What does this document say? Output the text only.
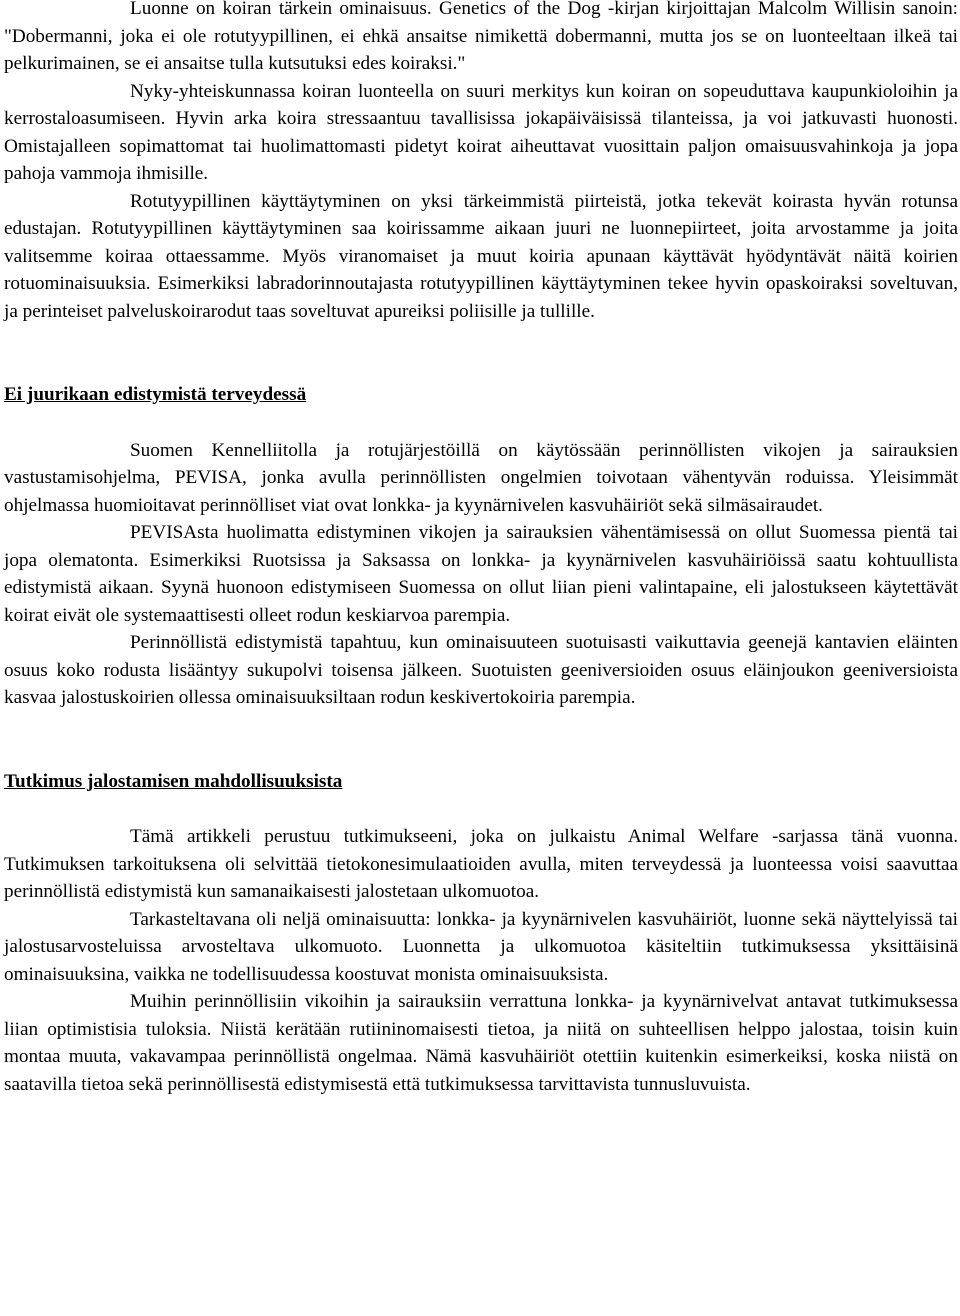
Luonne on koiran tärkein ominaisuus. Genetics of the Dog -kirjan kirjoittajan Malcolm Willisin sanoin: "Dobermanni, joka ei ole rotutyypillinen, ei ehkä ansaitse nimikettä dobermanni, mutta jos se on luonteeltaan ilkeä tai pelkurimainen, se ei ansaitse tulla kutsutuksi edes koiraksi."

Nyky-yhteiskunnassa koiran luonteella on suuri merkitys kun koiran on sopeuduttava kaupunkioloihin ja kerrostaloasumiseen. Hyvin arka koira stressaantuu tavallisissa jokapäiväisissä tilanteissa, ja voi jatkuvasti huonosti. Omistajalleen sopimattomat tai huolimattomasti pidetyt koirat aiheuttavat vuosittain paljon omaisuusvahinkoja ja jopa pahoja vammoja ihmisille.

Rotutyypillinen käyttäytyminen on yksi tärkeimmistä piirteistä, jotka tekevät koirasta hyvän rotunsa edustajan. Rotutyypillinen käyttäytyminen saa koirissamme aikaan juuri ne luonnepiirteet, joita arvostamme ja joita valitsemme koiraa ottaessamme. Myös viranomaiset ja muut koiria apunaan käyttävät hyödyntävät näitä koirien rotuominaisuuksia. Esimerkiksi labradorinnoutajasta rotutyypillinen käyttäytyminen tekee hyvin opaskoiraksi soveltuvan, ja perinteiset palveluskoirarodut taas soveltuvat apureiksi poliisille ja tullille.

Ei juurikaan edistymistä terveydessä

Suomen Kennelliitolla ja rotujärjestöillä on käytössään perinnöllisten vikojen ja sairauksien vastustamisohjelma, PEVISA, jonka avulla perinnöllisten ongelmien toivotaan vähentyvän roduissa. Yleisimmät ohjelmassa huomioitavat perinnölliset viat ovat lonkka- ja kyynärnivelen kasvuhäiriöt sekä silmäsairaudet.

PEVISAsta huolimatta edistyminen vikojen ja sairauksien vähentämisessä on ollut Suomessa pientä tai jopa olematonta. Esimerkiksi Ruotsissa ja Saksassa on lonkka- ja kyynärnivelen kasvuhäiriöissä saatu kohtuullista edistymistä aikaan. Syynä huonoon edistymiseen Suomessa on ollut liian pieni valintapaine, eli jalostukseen käytettävät koirat eivät ole systemaattisesti olleet rodun keskiarvoa parempia.

Perinnöllistä edistymistä tapahtuu, kun ominaisuuteen suotuisasti vaikuttavia geenejä kantavien eläinten osuus koko rodusta lisääntyy sukupolvi toisensa jälkeen. Suotuisten geeniversioiden osuus eläinjoukon geeniversioista kasvaa jalostuskoirien ollessa ominaisuuksiltaan rodun keskivertokoiria parempia.

Tutkimus jalostamisen mahdollisuuksista

Tämä artikkeli perustuu tutkimukseeni, joka on julkaistu Animal Welfare -sarjassa tänä vuonna. Tutkimuksen tarkoituksena oli selvittää tietokonesimulaatioiden avulla, miten terveydessä ja luonteessa voisi saavuttaa perinnöllistä edistymistä kun samanaikaisesti jalostetaan ulkomuotoa.

Tarkasteltavana oli neljä ominaisuutta: lonkka- ja kyynärnivelen kasvuhäiriöt, luonne sekä näyttelyissä tai jalostusarvosteluissa arvosteltava ulkomuoto. Luonnetta ja ulkomuotoa käsiteltiin tutkimuksessa yksittäisinä ominaisuuksina, vaikka ne todellisuudessa koostuvat monista ominaisuuksista.

Muihin perinnöllisiin vikoihin ja sairauksiin verrattuna lonkka- ja kyynärnivelvat antavat tutkimuksessa liian optimistisia tuloksia. Niistä kerätään rutiininomaisesti tietoa, ja niitä on suhteellisen helppo jalostaa, toisin kuin montaa muuta, vakavampaa perinnöllistä ongelmaa. Nämä kasvuhäiriöt otettiin kuitenkin esimerkeiksi, koska niistä on saatavilla tietoa sekä perinnöllisestä edistymisestä että tutkimuksessa tarvittavista tunnusluvuista.
